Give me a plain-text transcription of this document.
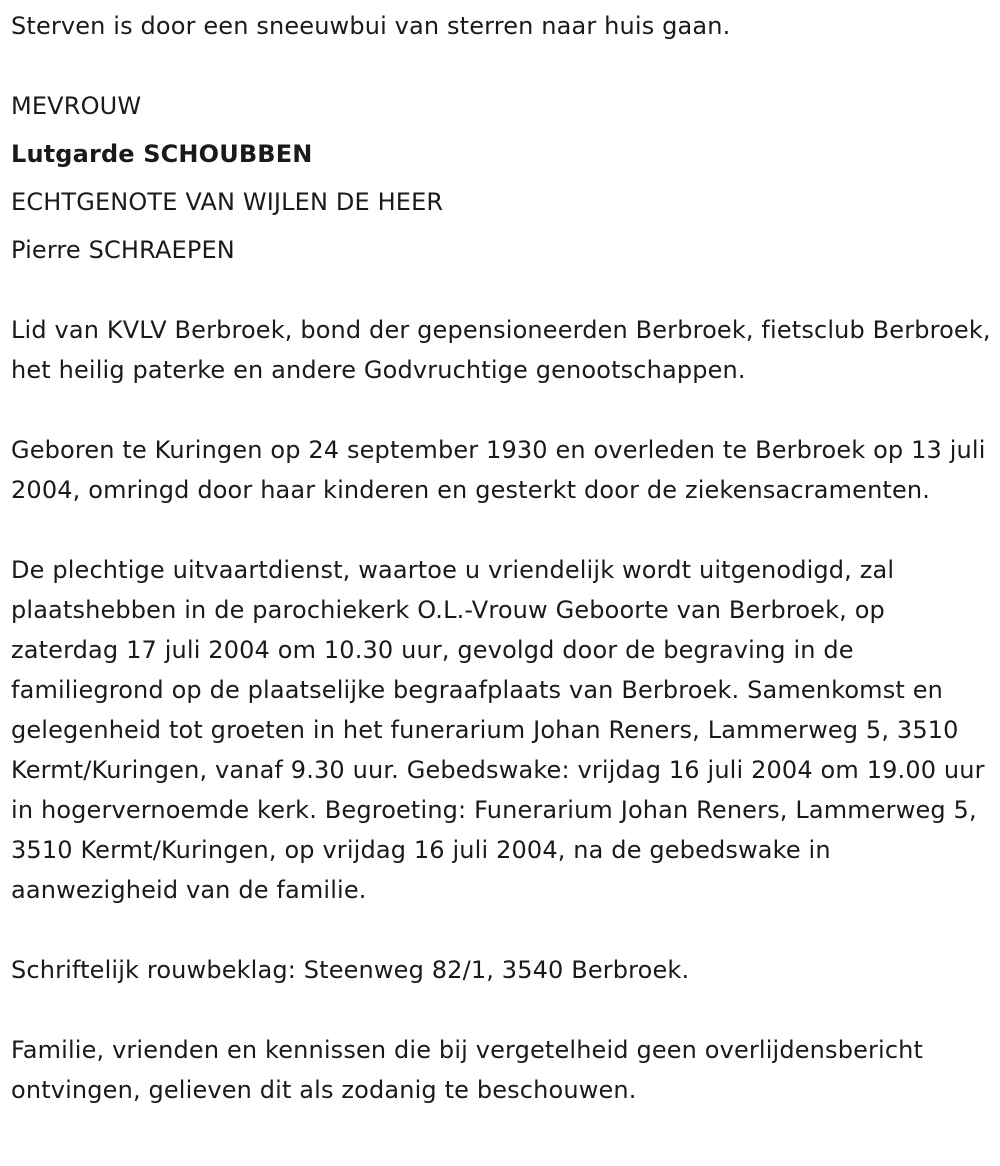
Sterven is door een sneeuwbui van sterren naar huis gaan.

MEVROUW

Lutgarde SCHOUBBEN

ECHTGENOTE VAN WIJLEN DE HEER

Pierre SCHRAEPEN

Lid van KVLV Berbroek, bond der gepensioneerden Berbroek, fietsclub Berbroek, het heilig paterke en andere Godvruchtige genootschappen.

Geboren te Kuringen op 24 september 1930 en overleden te Berbroek op 13 juli 2004, omringd door haar kinderen en gesterkt door de ziekensacramenten.

De plechtige uitvaartdienst, waartoe u vriendelijk wordt uitgenodigd, zal plaatshebben in de parochiekerk O.L.-Vrouw Geboorte van Berbroek, op zaterdag 17 juli 2004 om 10.30 uur, gevolgd door de begraving in de familiegrond op de plaatselijke begraafplaats van Berbroek. Samenkomst en gelegenheid tot groeten in het funerarium Johan Reners, Lammerweg 5, 3510 Kermt/Kuringen, vanaf 9.30 uur. Gebedswake: vrijdag 16 juli 2004 om 19.00 uur in hogervernoemde kerk. Begroeting: Funerarium Johan Reners, Lammerweg 5, 3510 Kermt/Kuringen, op vrijdag 16 juli 2004, na de gebedswake in aanwezigheid van de familie.

Schriftelijk rouwbeklag: Steenweg 82/1, 3540 Berbroek.

Familie, vrienden en kennissen die bij vergetelheid geen overlijdensbericht ontvingen, gelieven dit als zodanig te beschouwen.
